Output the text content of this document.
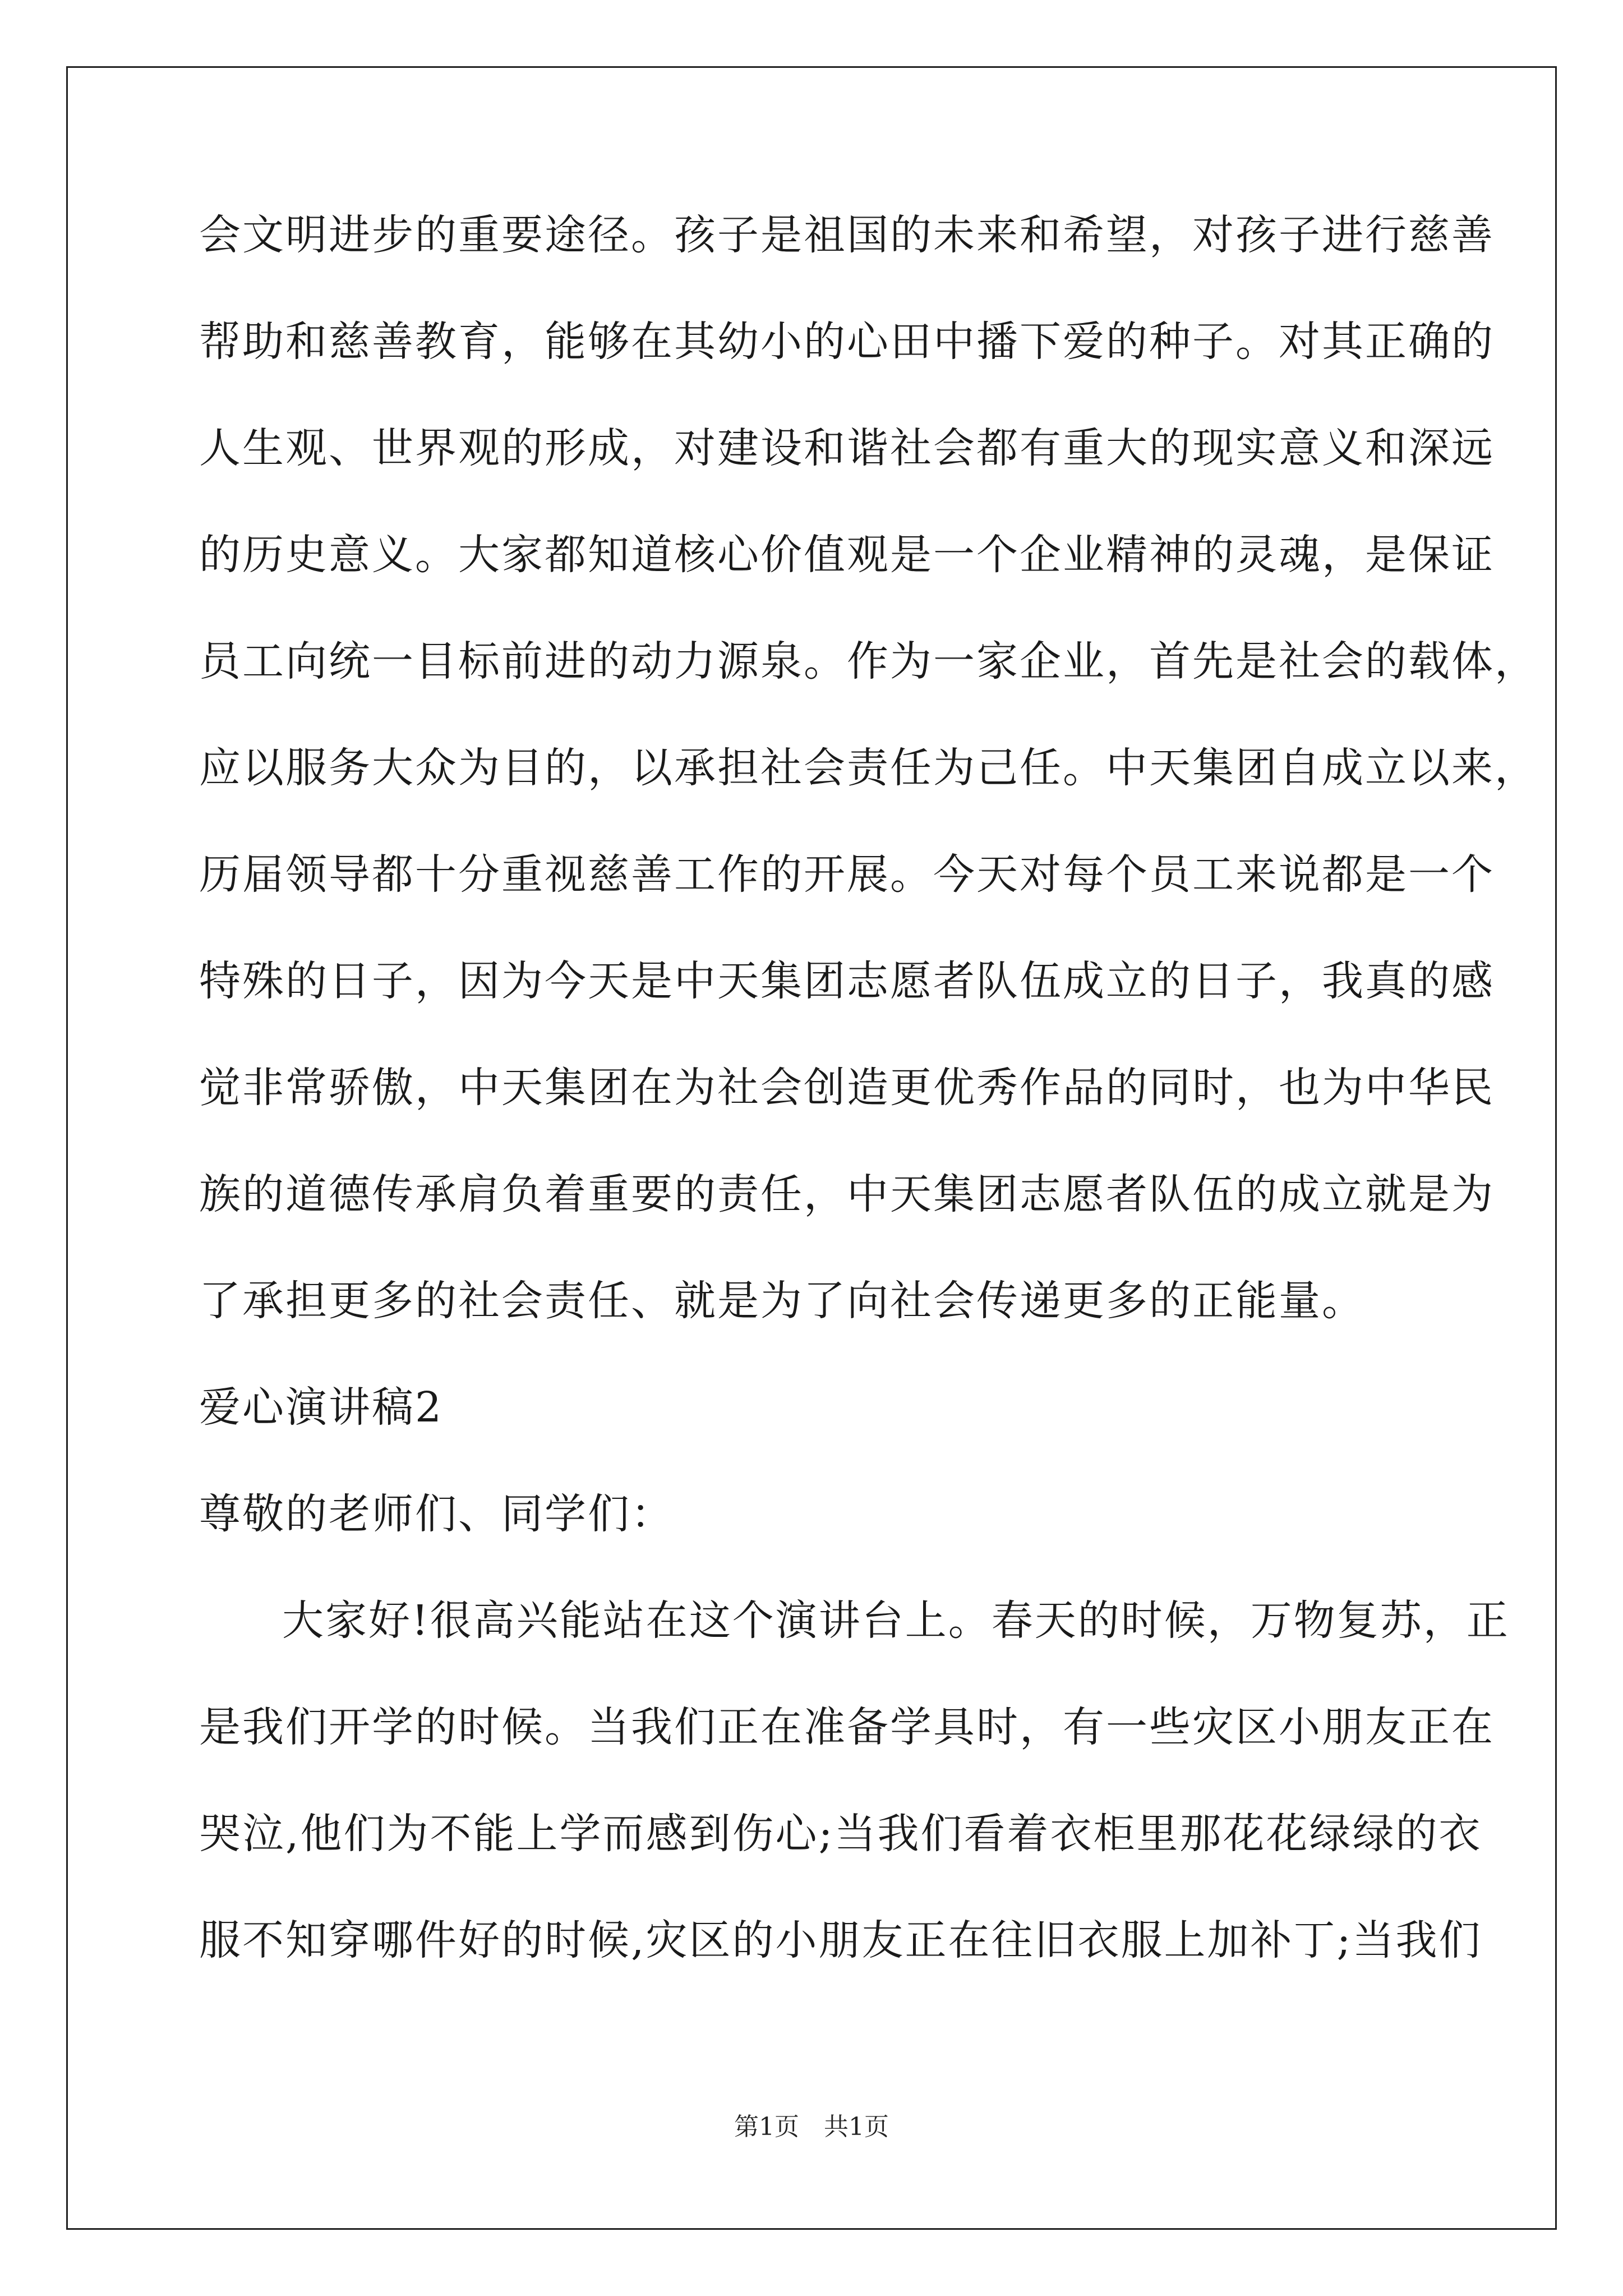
会文明进步的重要途径。孩子是祖国的未来和希望，对孩子进行慈善
帮助和慈善教育，能够在其幼小的心田中播下爱的种子。对其正确的
人生观、世界观的形成，对建设和谐社会都有重大的现实意义和深远
的历史意义。大家都知道核心价值观是一个企业精神的灵魂，是保证
员工向统一目标前进的动力源泉。作为一家企业，首先是社会的载体，
应以服务大众为目的，以承担社会责任为己任。中天集团自成立以来，
历届领导都十分重视慈善工作的开展。今天对每个员工来说都是一个
特殊的日子，因为今天是中天集团志愿者队伍成立的日子，我真的感
觉非常骄傲，中天集团在为社会创造更优秀作品的同时，也为中华民
族的道德传承肩负着重要的责任，中天集团志愿者队伍的成立就是为
了承担更多的社会责任、就是为了向社会传递更多的正能量。
爱心演讲稿2
尊敬的老师们、同学们：
大家好!很高兴能站在这个演讲台上。春天的时候，万物复苏，正
是我们开学的时候。当我们正在准备学具时，有一些灾区小朋友正在
哭泣,他们为不能上学而感到伤心;当我们看着衣柜里那花花绿绿的衣
服不知穿哪件好的时候,灾区的小朋友正在往旧衣服上加补丁;当我们
第1页　共1页
